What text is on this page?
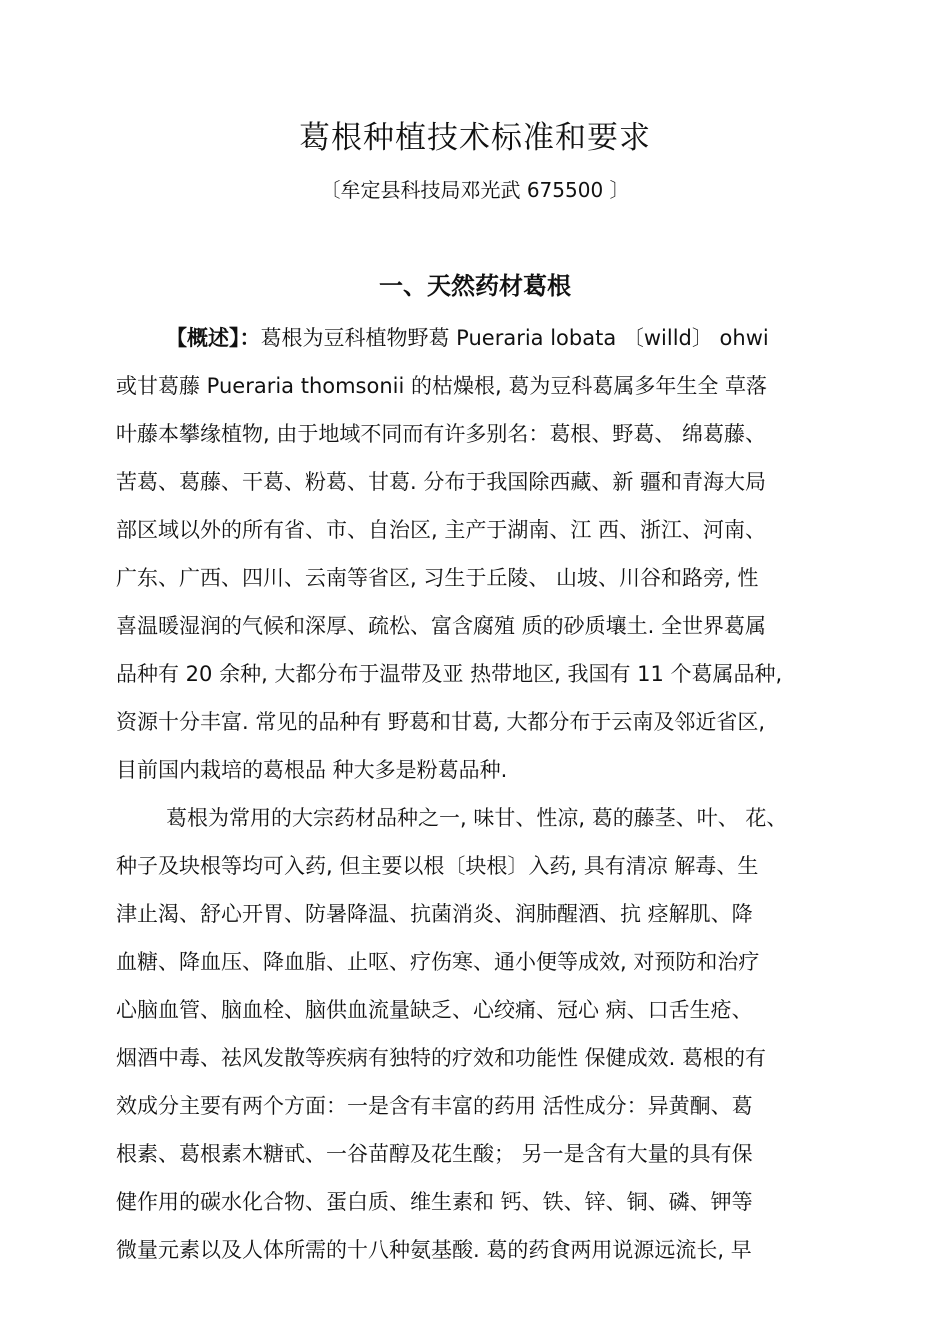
葛根种植技术标准和要求
〔牟定县科技局邓光武 675500 〕
一、天然药材葛根
【概述】：葛根为豆科植物野葛 Pueraria lobata 〔willd〕 ohwi
或甘葛藤 Pueraria thomsonii 的枯燥根, 葛为豆科葛属多年生全 草落
叶藤本攀缘植物, 由于地域不同而有许多别名：葛根、野葛、 绵葛藤、
苦葛、葛藤、干葛、粉葛、甘葛. 分布于我国除西藏、新 疆和青海大局
部区域以外的所有省、市、自治区, 主产于湖南、江 西、浙江、河南、
广东、广西、四川、云南等省区, 习生于丘陵、 山坡、川谷和路旁, 性
喜温暖湿润的气候和深厚、疏松、富含腐殖 质的砂质壤土. 全世界葛属
品种有 20 余种, 大都分布于温带及亚 热带地区, 我国有 11 个葛属品种,
资源十分丰富. 常见的品种有 野葛和甘葛, 大都分布于云南及邻近省区,
目前国内栽培的葛根品 种大多是粉葛品种.
葛根为常用的大宗药材品种之一, 味甘、性凉, 葛的藤茎、叶、 花、
种子及块根等均可入药, 但主要以根〔块根〕入药, 具有清凉 解毒、生
津止渴、舒心开胃、防暑降温、抗菌消炎、润肺醒酒、抗 痉解肌、降
血糖、降血压、降血脂、止呕、疗伤寒、通小便等成效, 对预防和治疗
心脑血管、脑血栓、脑供血流量缺乏、心绞痛、冠心 病、口舌生疮、
烟酒中毒、祛风发散等疾病有独特的疗效和功能性 保健成效. 葛根的有
效成分主要有两个方面：一是含有丰富的药用 活性成分：异黄酮、葛
根素、葛根素木糖甙、一谷苗醇及花生酸； 另一是含有大量的具有保
健作用的碳水化合物、蛋白质、维生素和 钙、铁、锌、铜、磷、钾等
微量元素以及人体所需的十八种氨基酸. 葛的药食两用说源远流长, 早
